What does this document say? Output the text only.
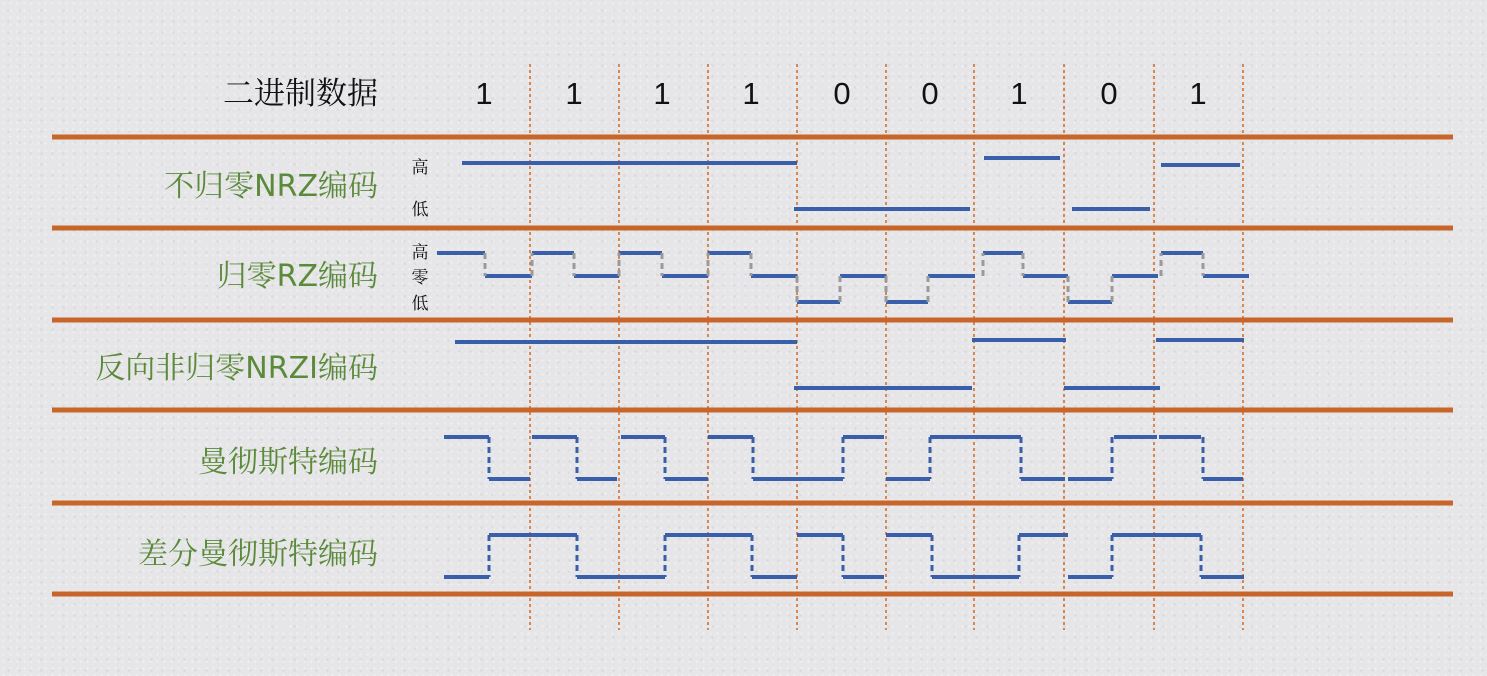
二进制数据	1 1 1 1 0 0 1 0 1
不归零NRZ编码
归零RZ编码
反向非归零NRZI编码
曼彻斯特编码
差分曼彻斯特编码
高
低
高
零
低
